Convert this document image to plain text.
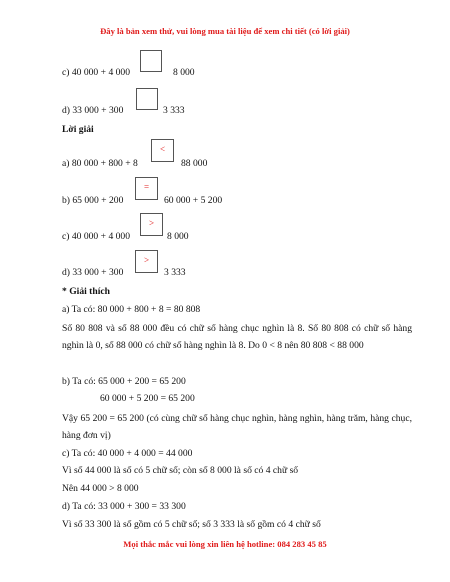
Đây là bản xem thử, vui lòng mua tài liệu để xem chi tiết (có lời giải)
c) 40 000 + 4 000	8 000
d) 33 000 + 300	3 333
Lời giải
a) 80 000 + 800 + 8
<
88 000
b) 65 000 + 200
=
60 000 + 5 200
c) 40 000 + 4 000
>
8 000
d) 33 000 + 300
>
3 333
* Giải thích
a) Ta có: 80 000 + 800 + 8 = 80 808
Số 80 808 và số 88 000 đều có chữ số hàng chục nghìn là 8. Số 80 808 có chữ số hàng nghìn là 0, số 88 000 có chữ số hàng nghìn là 8. Do 0 < 8 nên 80 808 < 88 000
b) Ta có: 65 000 + 200 = 65 200
60 000 + 5 200 = 65 200
Vậy 65 200 = 65 200 (có cùng chữ số hàng chục nghìn, hàng nghìn, hàng trăm, hàng chục, hàng đơn vị)
c) Ta có: 40 000 + 4 000 = 44 000
Vì số 44 000 là số có 5 chữ số; còn số 8 000 là số có 4 chữ số
Nên 44 000 > 8 000
d) Ta có: 33 000 + 300 = 33 300
Vì số 33 300 là số gồm có 5 chữ số; số 3 333 là số gồm có 4 chữ số
Mọi thắc mắc vui lòng xin liên hệ hotline: 084 283 45 85
